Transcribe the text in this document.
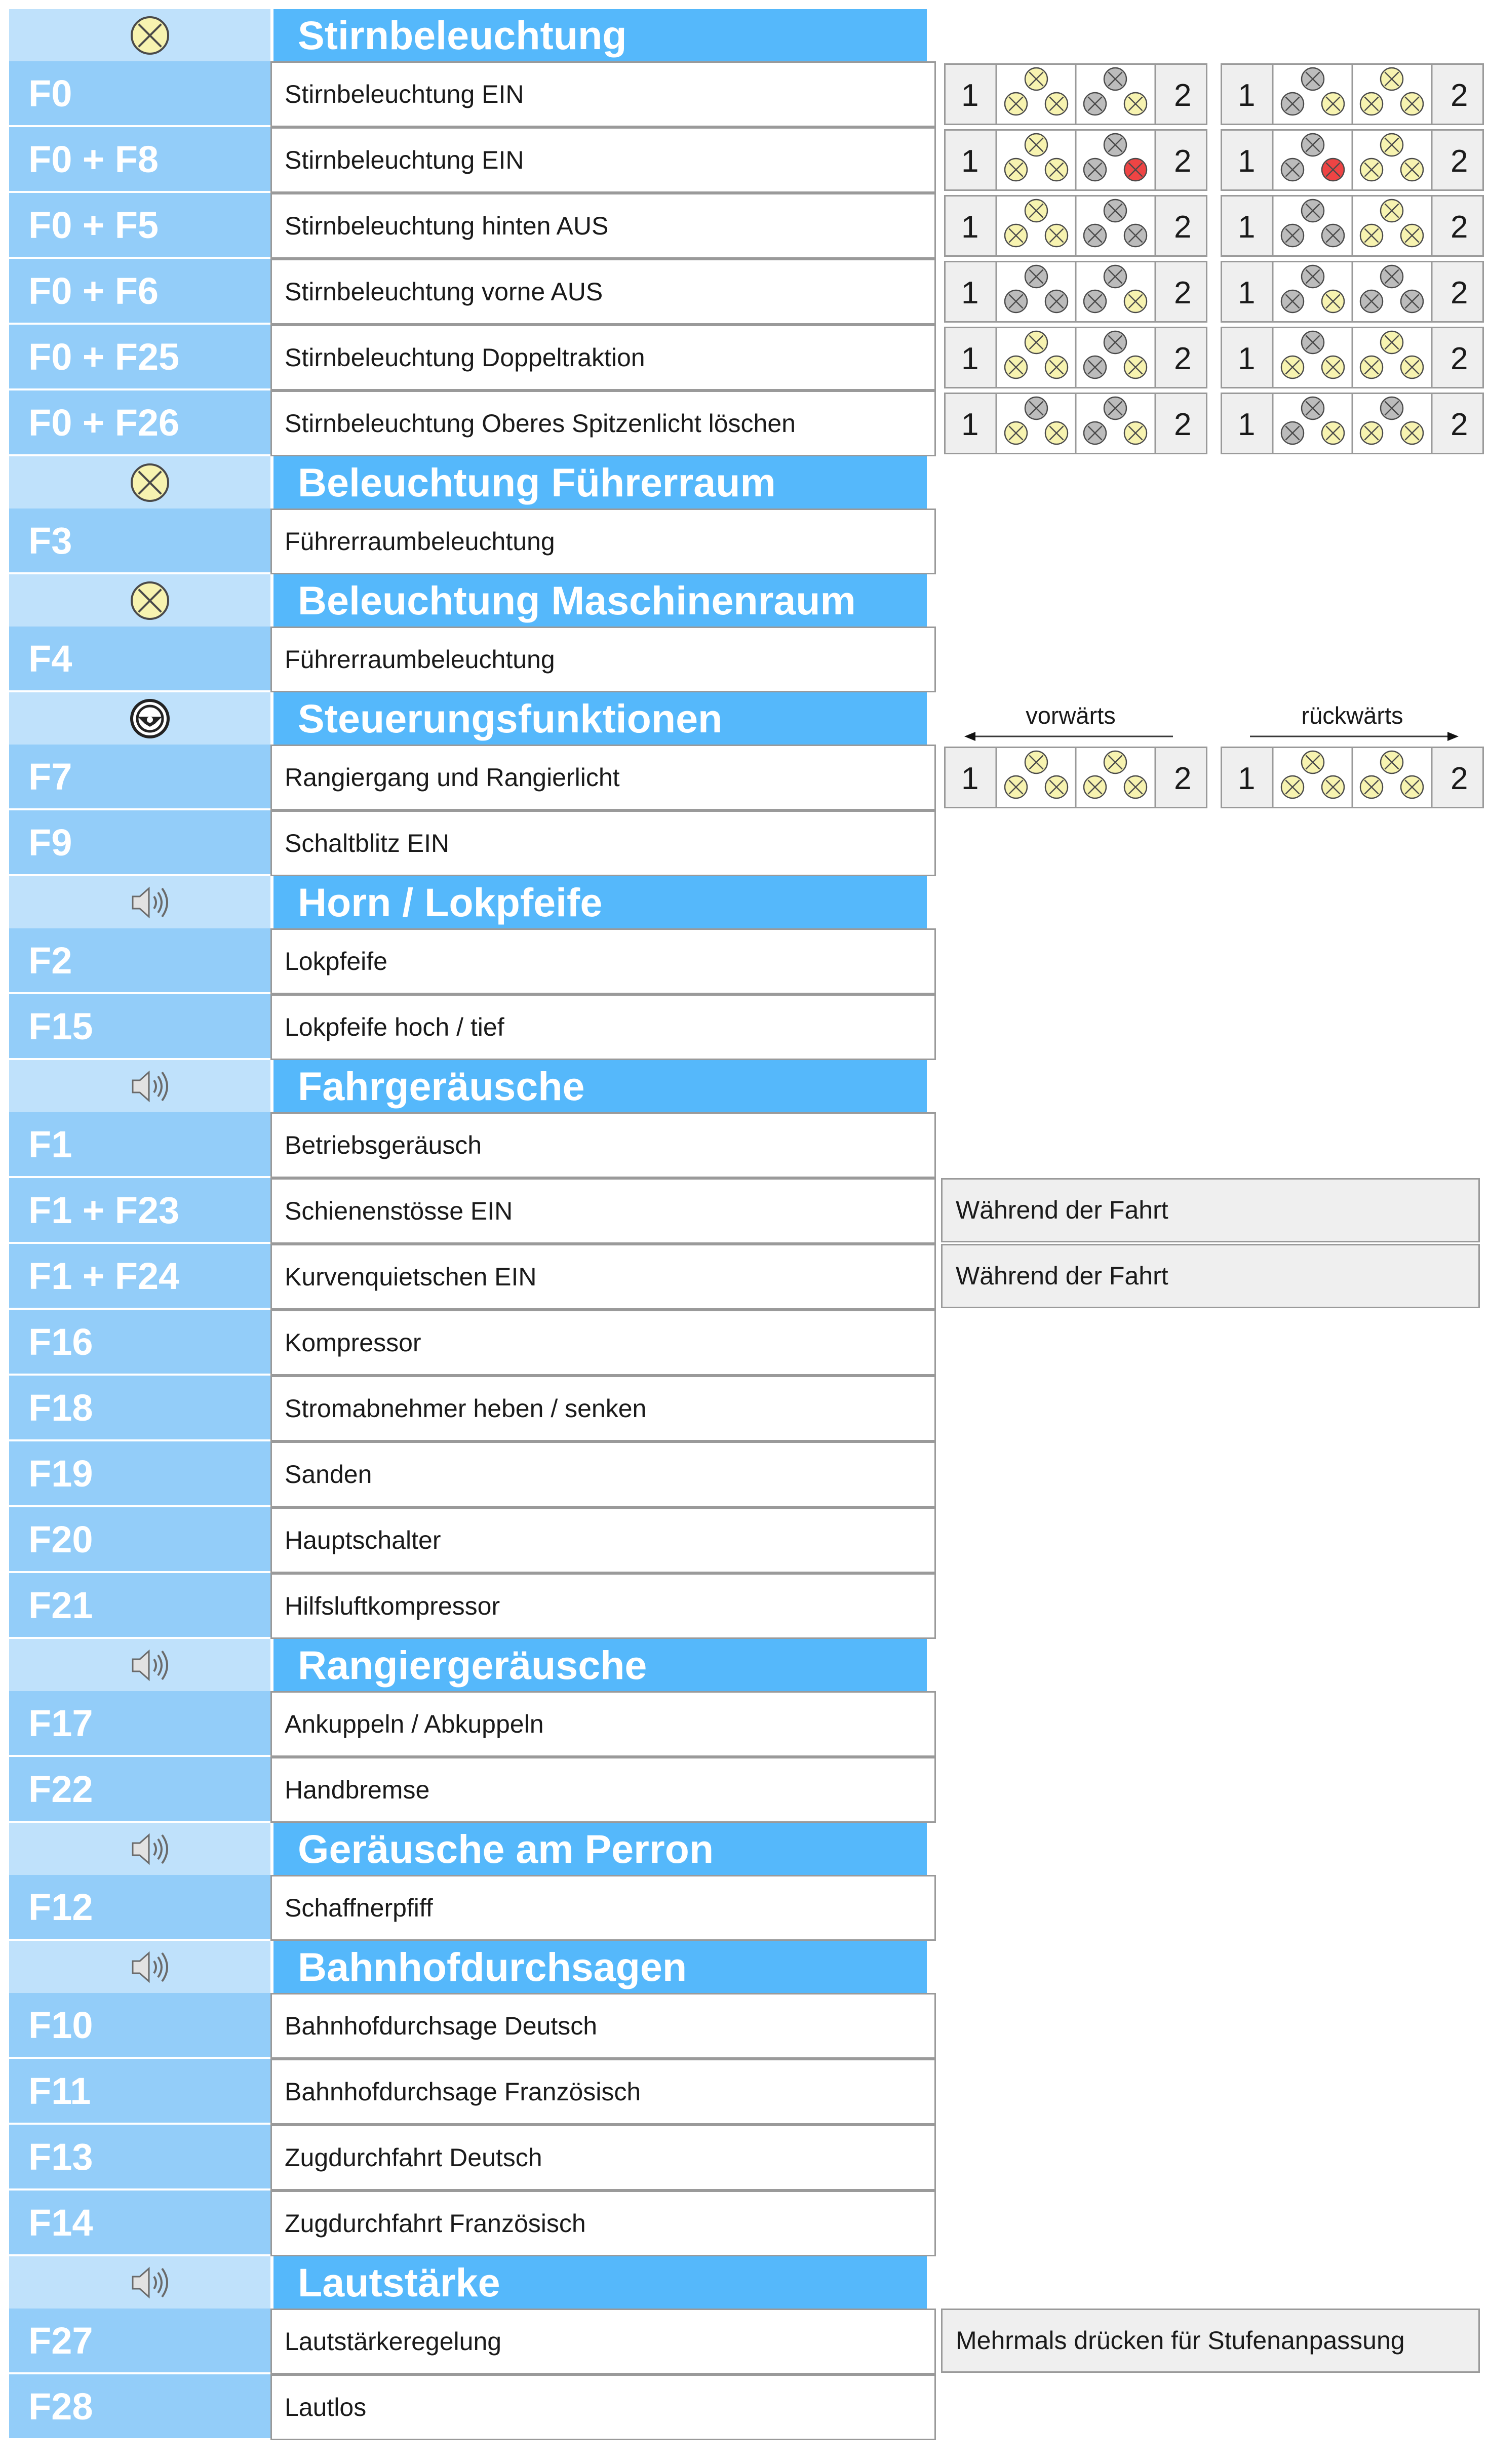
Stirnbeleuchtung
F0	Stirnbeleuchtung EIN
F0 + F8	Stirnbeleuchtung EIN
F0 + F5	Stirnbeleuchtung hinten AUS
F0 + F6	Stirnbeleuchtung vorne AUS
F0 + F25	Stirnbeleuchtung Doppeltraktion
F0 + F26	Stirnbeleuchtung Oberes Spitzenlicht löschen
Beleuchtung Führerraum
F3	Führerraumbeleuchtung
Beleuchtung Maschinenraum
F4	Führerraumbeleuchtung
Steuerungsfunktionen
F7	Rangiergang und Rangierlicht
F9	Schaltblitz EIN
Horn / Lokpfeife
F2	Lokpfeife
F15	Lokpfeife hoch / tief
Fahrgeräusche
F1	Betriebsgeräusch
F1 + F23	Schienenstösse EIN	Während der Fahrt
F1 + F24	Kurvenquietschen EIN	Während der Fahrt
F16	Kompressor
F18	Stromabnehmer heben / senken
F19	Sanden
F20	Hauptschalter
F21	Hilfsluftkompressor
Rangiergeräusche
F17	Ankuppeln / Abkuppeln
F22	Handbremse
Geräusche am Perron
F12	Schaffnerpfiff
Bahnhofdurchsagen
F10	Bahnhofdurchsage Deutsch
F11	Bahnhofdurchsage Französisch
F13	Zugdurchfahrt Deutsch
F14	Zugdurchfahrt Französisch
Lautstärke
F27	Lautstärkeregelung	Mehrmals drücken für Stufenanpassung
F28	Lautlos
1	2 1	2
1	2 1	2
1	2 1	2
1	2 1	2
1	2 1	2
1	2 1	2
vorwärts	rückwärts
1	2 1	2
